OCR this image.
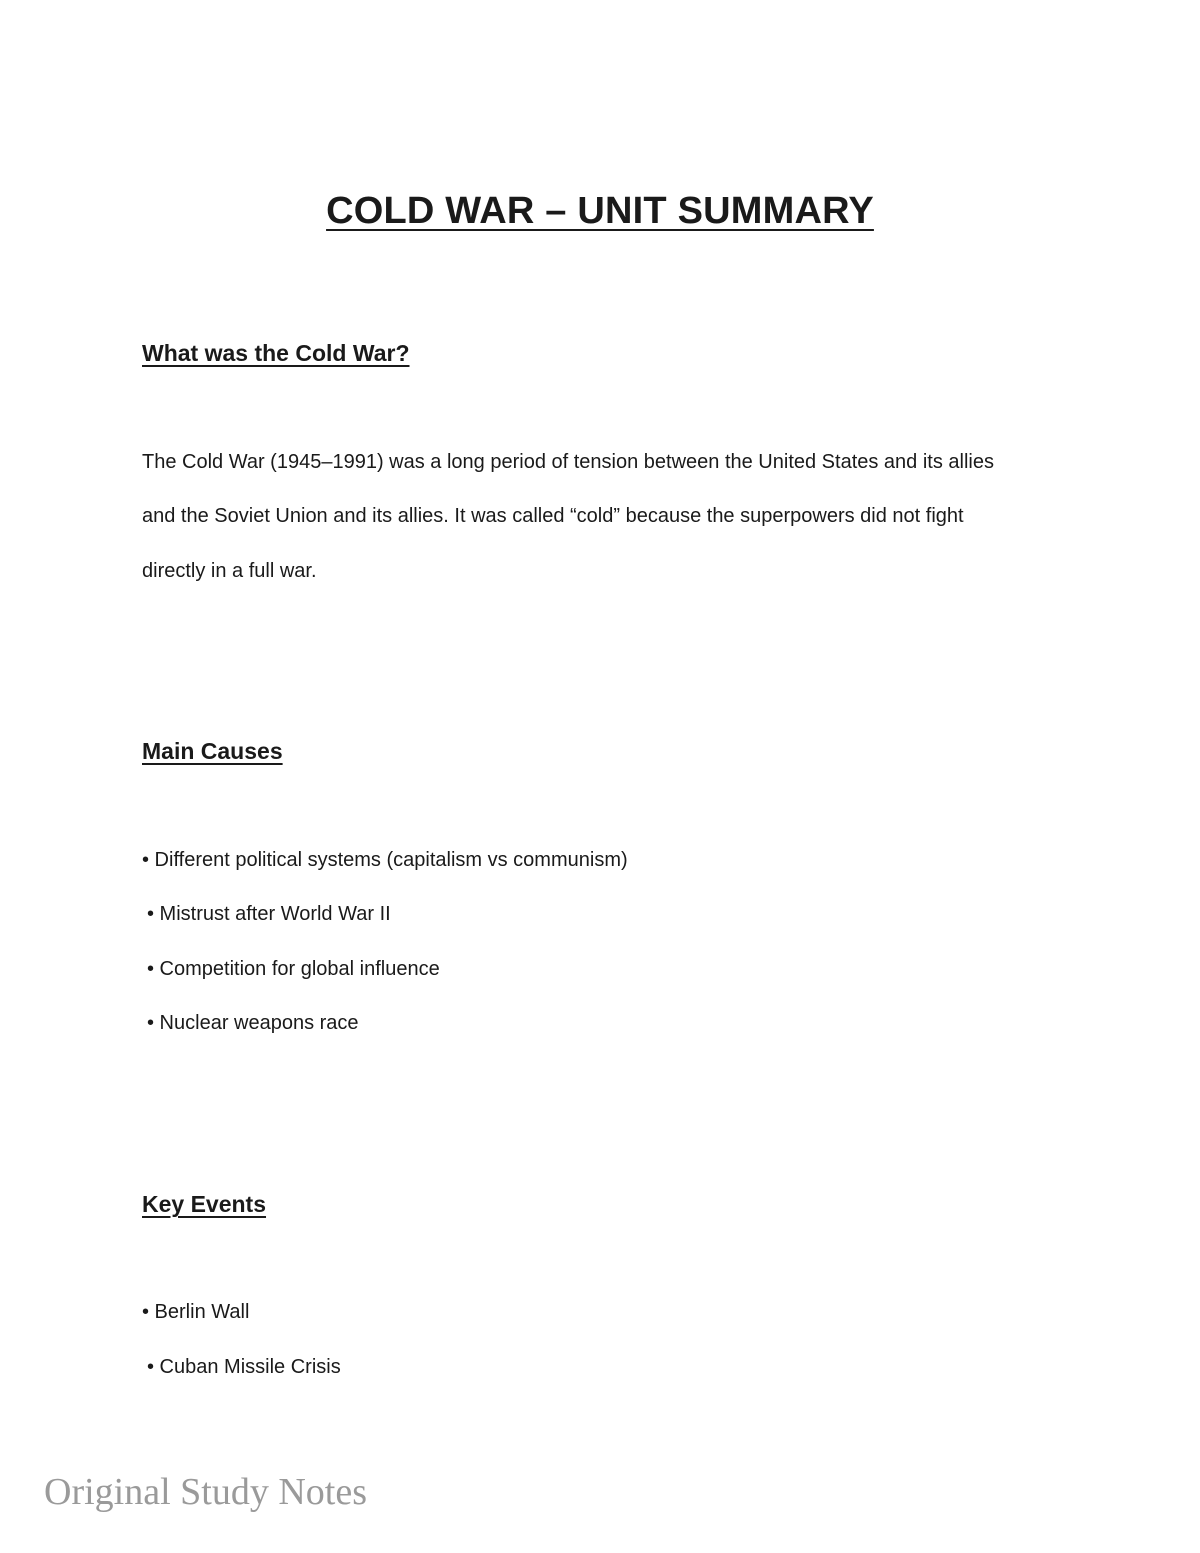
COLD WAR – UNIT SUMMARY
What was the Cold War?
The Cold War (1945–1991) was a long period of tension between the United States and its allies
and the Soviet Union and its allies. It was called “cold” because the superpowers did not fight
directly in a full war.
Main Causes
• Different political systems (capitalism vs communism)
• Mistrust after World War II
• Competition for global influence
• Nuclear weapons race
Key Events
• Berlin Wall
• Cuban Missile Crisis
Original Study Notes
